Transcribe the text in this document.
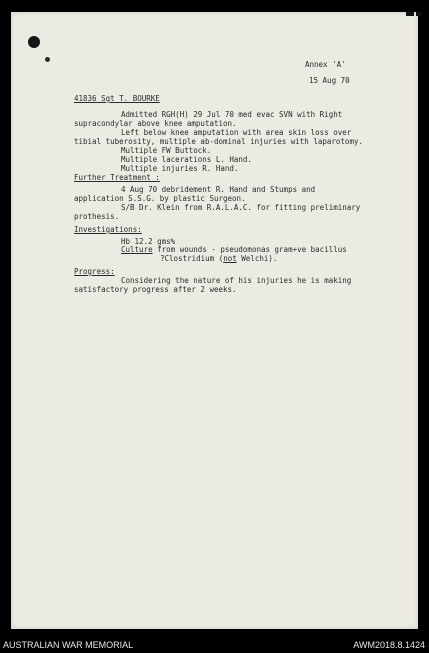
Annex 'A'
15 Aug 70
41836 Sgt T. BOURKE
Admitted RGH(H) 29 Jul 70 med evac SVN with Right
supracondylar above knee amputation.
Left below knee amputation with area skin loss over
tibial tuberosity, multiple ab-dominal injuries with laparotomy.
Multiple FW Buttock.
Multiple lacerations L. Hand.
Multiple injuries R. Hand.
Further Treatment :
4 Aug 70 debridement R. Hand and Stumps and
application S.S.G. by plastic Surgeon.
S/B Dr. Klein from R.A.L.A.C. for fitting preliminary
prothesis.
Investigations:
Hb 12.2 gms%
Culture from wounds - pseudomonas gram+ve bacillus
?Clostridium (not Welchi).
Progress:
Considering the nature of his injuries he is making
satisfactory progress after 2 weeks.
AUSTRALIAN WAR MEMORIAL	AWM2018.8.1424
